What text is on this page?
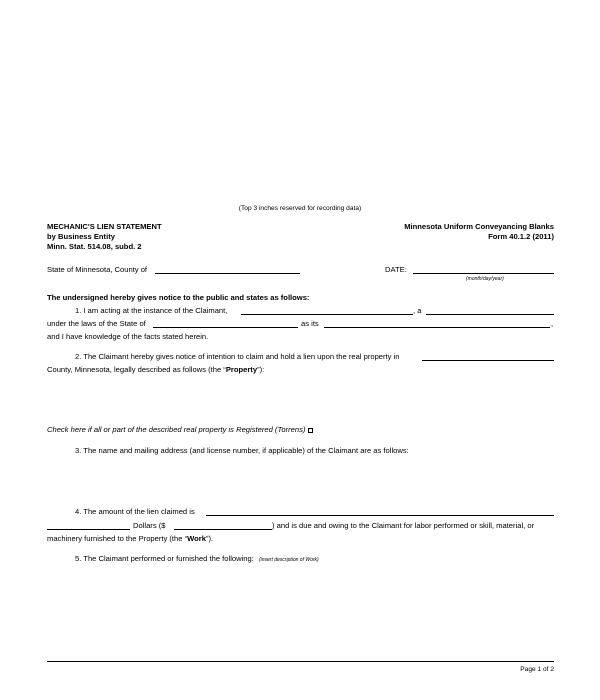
(Top 3 inches reserved for recording data)
MECHANIC'S LIEN STATEMENT
by Business Entity
Minn. Stat. 514.08, subd. 2
Minnesota Uniform Conveyancing Blanks
Form 40.1.2 (2011)
State of Minnesota, County of	DATE:
(month/day/year)
The undersigned hereby gives notice to the public and states as follows:
1. I am acting at the instance of the Claimant,	, a
under the laws of the State of	as its	,
and I have knowledge of the facts stated herein.
2. The Claimant hereby gives notice of intention to claim and hold a lien upon the real property in
County, Minnesota, legally described as follows (the “Property”):
Check here if all or part of the described real property is Registered (Torrens)
3. The name and mailing address (and license number, if applicable) of the Claimant are as follows:
4. The amount of the lien claimed is
Dollars ($	) and is due and owing to the Claimant for labor performed or skill, material, or
machinery furnished to the Property (the “Work”).
5. The Claimant performed or furnished the following: (insert description of Work)
Page 1 of 2
